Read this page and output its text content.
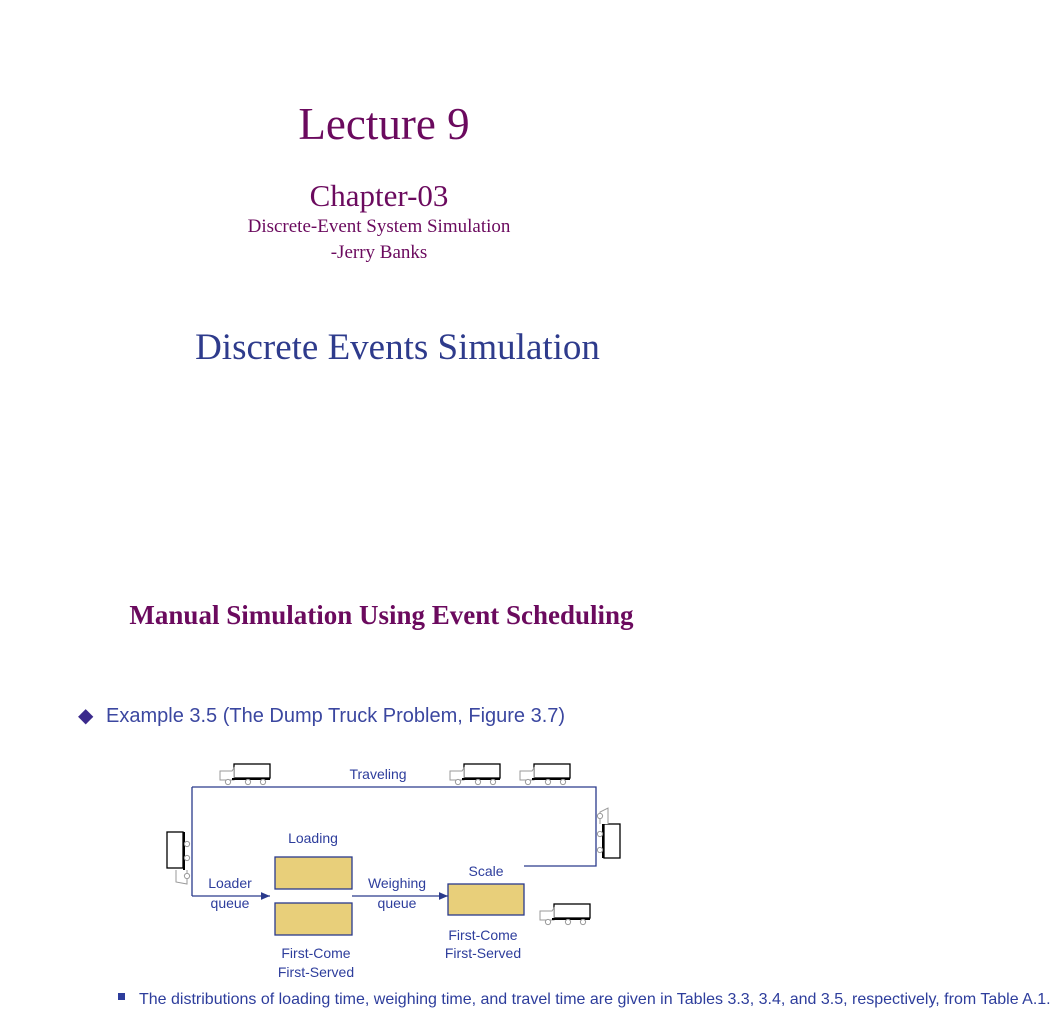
Lecture 9
Chapter-03
Discrete-Event System Simulation
-Jerry Banks
Discrete Events Simulation
Manual Simulation Using Event Scheduling
◆ Example 3.5 (The Dump Truck Problem, Figure 3.7)
Traveling
Loading
Loader
queue
Weighing
queue
Scale
First-Come
First-Served
First-Come
First-Served
The distributions of loading time, weighing time, and travel time are given in Tables 3.3, 3.4, and 3.5, respectively, from Table A.1.
